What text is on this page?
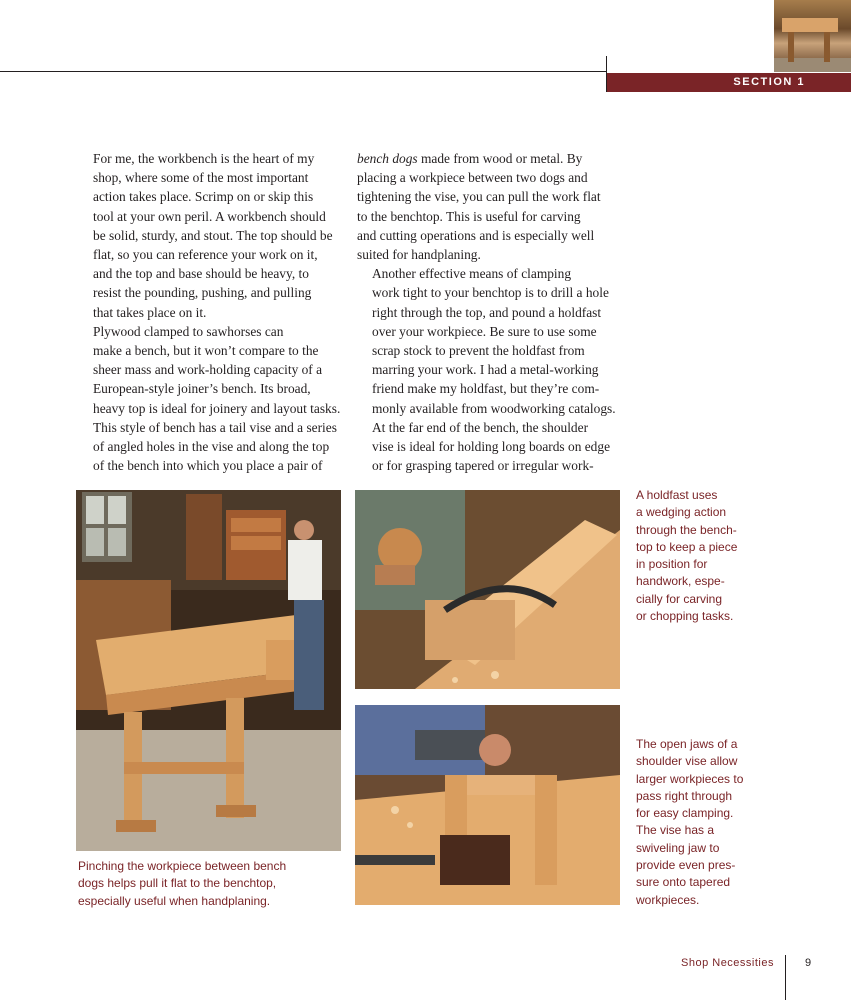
SECTION 1

For me, the workbench is the heart of my
shop, where some of the most important
action takes place. Scrimp on or skip this
tool at your own peril. A workbench should
be solid, sturdy, and stout. The top should be
flat, so you can reference your work on it,
and the top and base should be heavy, to
resist the pounding, pushing, and pulling
that takes place on it.

Plywood clamped to sawhorses can
make a bench, but it won’t compare to the
sheer mass and work-holding capacity of a
European-style joiner’s bench. Its broad,
heavy top is ideal for joinery and layout tasks.
This style of bench has a tail vise and a series
of angled holes in the vise and along the top
of the bench into which you place a pair of

bench dogs made from wood or metal. By
placing a workpiece between two dogs and
tightening the vise, you can pull the work flat
to the benchtop. This is useful for carving
and cutting operations and is especially well
suited for handplaning.

Another effective means of clamping
work tight to your benchtop is to drill a hole
right through the top, and pound a holdfast
over your workpiece. Be sure to use some
scrap stock to prevent the holdfast from
marring your work. I had a metal-working
friend make my holdfast, but they’re com-
monly available from woodworking catalogs.

At the far end of the bench, the shoulder
vise is ideal for holding long boards on edge
or for grasping tapered or irregular work-

Pinching the workpiece between bench
dogs helps pull it flat to the benchtop,
especially useful when handplaning.
A holdfast uses
a wedging action
through the bench-
top to keep a piece
in position for
handwork, espe-
cially for carving
or chopping tasks.
The open jaws of a
shoulder vise allow
larger workpieces to
pass right through
for easy clamping.
The vise has a
swiveling jaw to
provide even pres-
sure onto tapered
workpieces.
Shop Necessities	9
